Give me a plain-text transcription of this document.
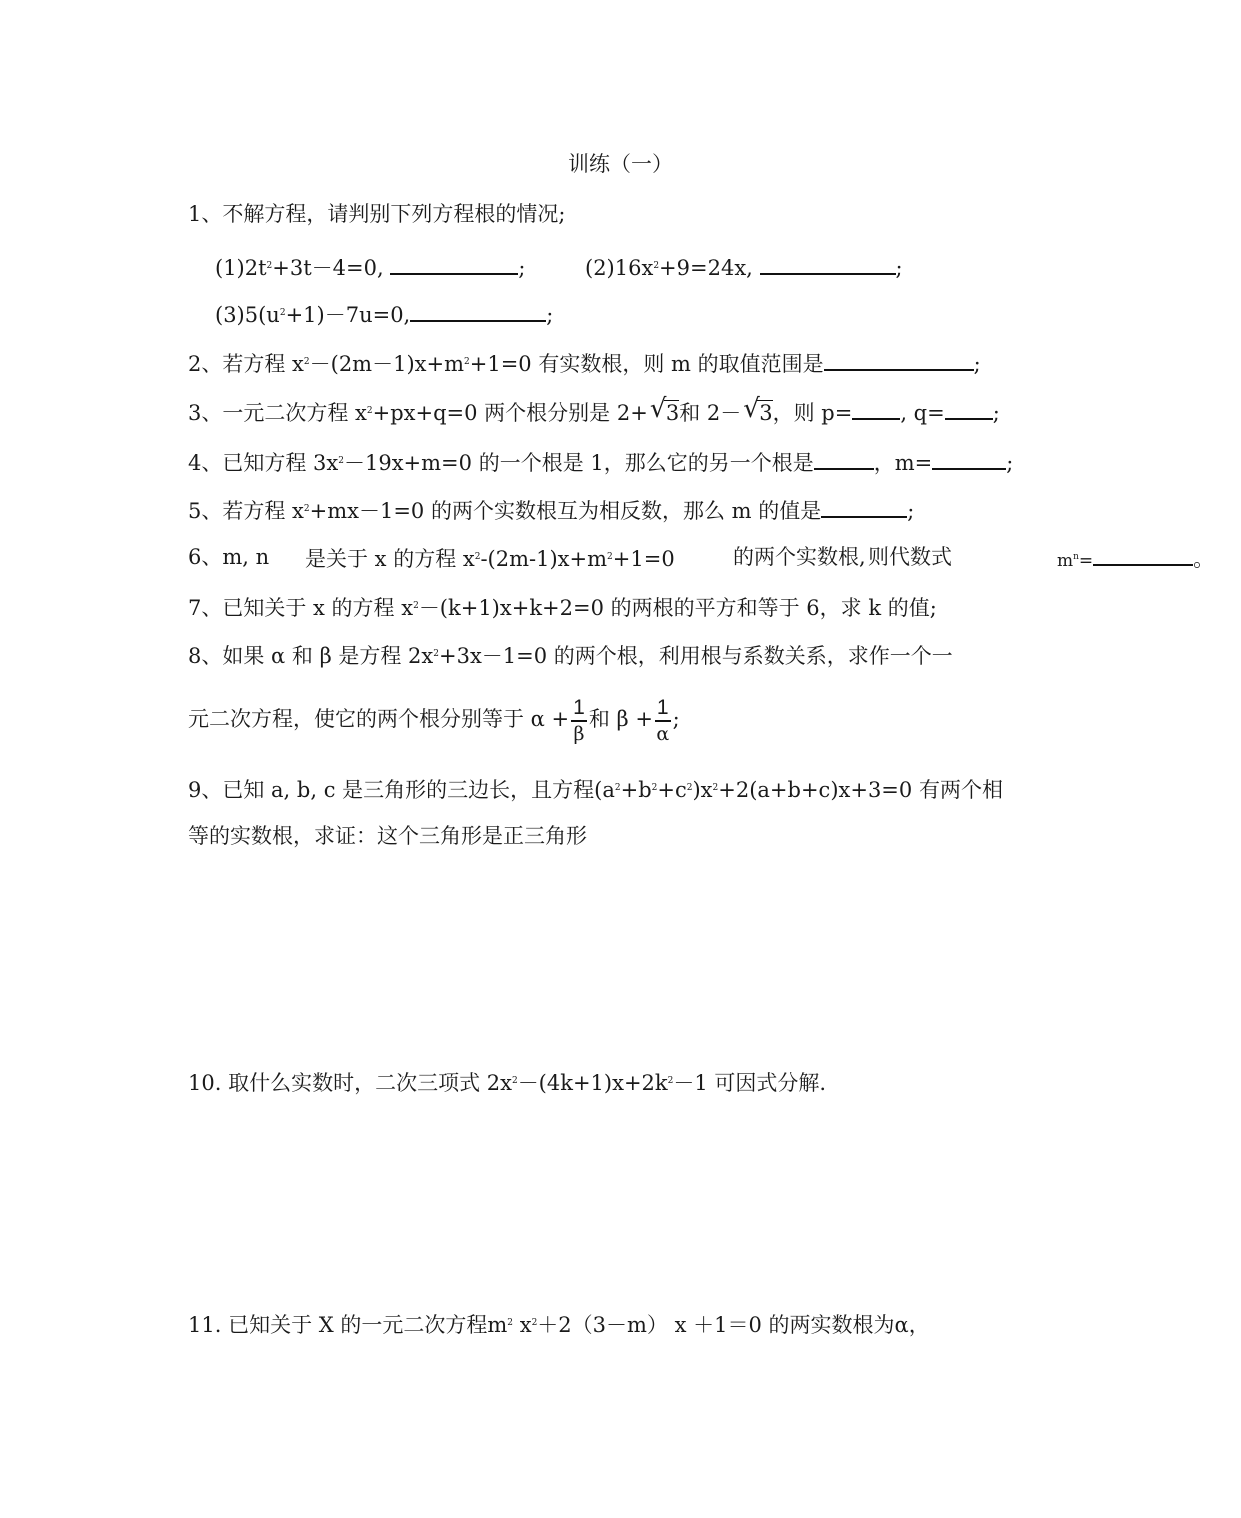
训练（一）
1、不解方程，请判别下列方程根的情况;
$(1)2t^2+3t-4=0$,	;	$(2)16x^2+9=24x$,	;
$(3)5(u^2+1)-7u=0$,	;
2、若方程 $x^2-(2m-1)x+m^2+1=0$ 有实数根，则 m 的取值范围是	;
3、一元二次方程 $x^2+px+q=0$ 两个根分别是 2+ √ 3和 2－ √ 3，则 p= , q= ;
4、已知方程 $3x^2-19x+m=0$ 的一个根是 1，那么它的另一个根是	，m=	;
5、若方程 $x^2+mx-1=0$ 的两个实数根互为相反数，那么 m 的值是	;
6、m, n 是关于 x 的方程 $x^2-(2m-1)x+m^2+1=0$	的两个实数根, 则代数式	$m^n=$	。
7、已知关于 x 的方程 $x^2-(k+1)x+k+2=0$ 的两根的平方和等于 6，求 k 的值;
8、如果 α 和 β 是方程 $2x^2+3x-1=0$ 的两个根，利用根与系数关系，求作一个一
元二次方程，使它的两个根分别等于 $\alpha + \frac{1}{\beta}$ 和 $\beta + \frac{1}{\alpha}$ ;
9、已知 a, b, c 是三角形的三边长，且方程$(a^2+b^2+c^2)x^2+2(a+b+c)x+3=0$ 有两个相
等的实数根，求证：这个三角形是正三角形
10. 取什么实数时，二次三项式 $2x^2-(4k+1)x+2k^2-1$ 可因式分解.
11. 已知关于 X 的一元二次方程$m^2$ $x^2+2(3-m)$ x ＋1＝0 的两实数根为α，
